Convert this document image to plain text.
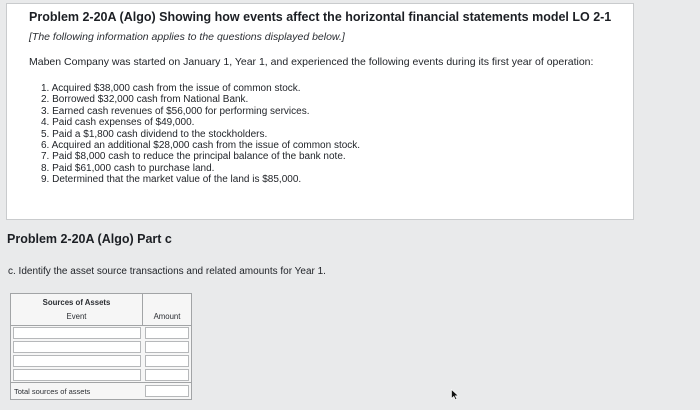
Problem 2-20A (Algo) Showing how events affect the horizontal financial statements model LO 2-1
[The following information applies to the questions displayed below.]
Maben Company was started on January 1, Year 1, and experienced the following events during its first year of operation:
1. Acquired $38,000 cash from the issue of common stock.
2. Borrowed $32,000 cash from National Bank.
3. Earned cash revenues of $56,000 for performing services.
4. Paid cash expenses of $49,000.
5. Paid a $1,800 cash dividend to the stockholders.
6. Acquired an additional $28,000 cash from the issue of common stock.
7. Paid $8,000 cash to reduce the principal balance of the bank note.
8. Paid $61,000 cash to purchase land.
9. Determined that the market value of the land is $85,000.
Problem 2-20A (Algo) Part c
c. Identify the asset source transactions and related amounts for Year 1.
Sources of Assets
Event	Amount
Total sources of assets
